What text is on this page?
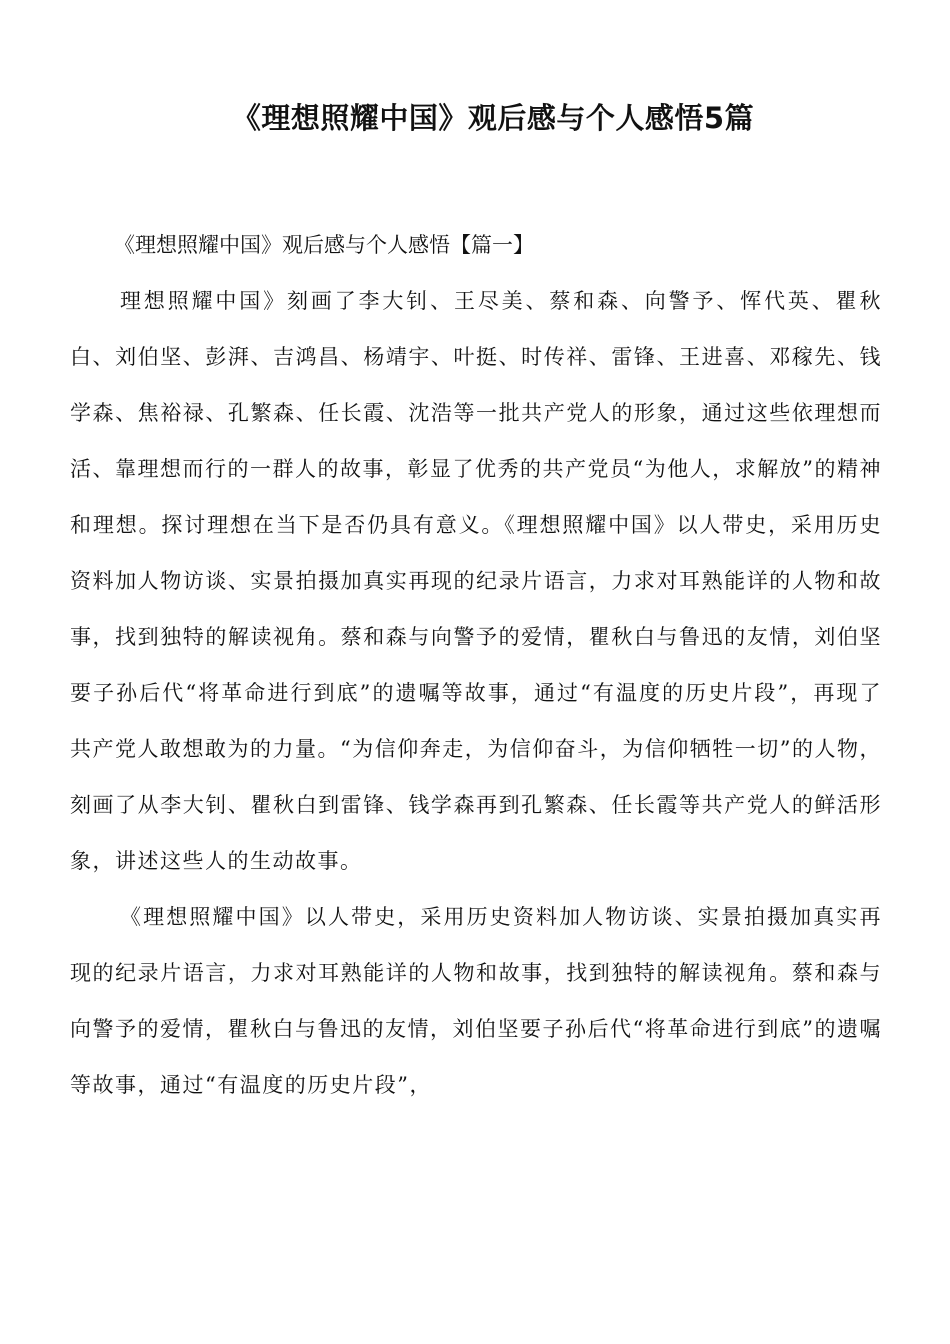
《理想照耀中国》观后感与个人感悟5篇

《理想照耀中国》观后感与个人感悟【篇一】

理想照耀中国》刻画了李大钊、王尽美、蔡和森、向警予、恽代英、瞿秋白、刘伯坚、彭湃、吉鸿昌、杨靖宇、叶挺、时传祥、雷锋、王进喜、邓稼先、钱学森、焦裕禄、孔繁森、任长霞、沈浩等一批共产党人的形象，通过这些依理想而活、靠理想而行的一群人的故事，彰显了优秀的共产党员“为他人，求解放”的精神和理想。探讨理想在当下是否仍具有意义。《理想照耀中国》以人带史，采用历史资料加人物访谈、实景拍摄加真实再现的纪录片语言，力求对耳熟能详的人物和故事，找到独特的解读视角。蔡和森与向警予的爱情，瞿秋白与鲁迅的友情，刘伯坚要子孙后代“将革命进行到底”的遗嘱等故事，通过“有温度的历史片段”，再现了共产党人敢想敢为的力量。“为信仰奔走，为信仰奋斗，为信仰牺牲一切”的人物，刻画了从李大钊、瞿秋白到雷锋、钱学森再到孔繁森、任长霞等共产党人的鲜活形象，讲述这些人的生动故事。

《理想照耀中国》以人带史，采用历史资料加人物访谈、实景拍摄加真实再现的纪录片语言，力求对耳熟能详的人物和故事，找到独特的解读视角。蔡和森与向警予的爱情，瞿秋白与鲁迅的友情，刘伯坚要子孙后代“将革命进行到底”的遗嘱等故事，通过“有温度的历史片段”，
